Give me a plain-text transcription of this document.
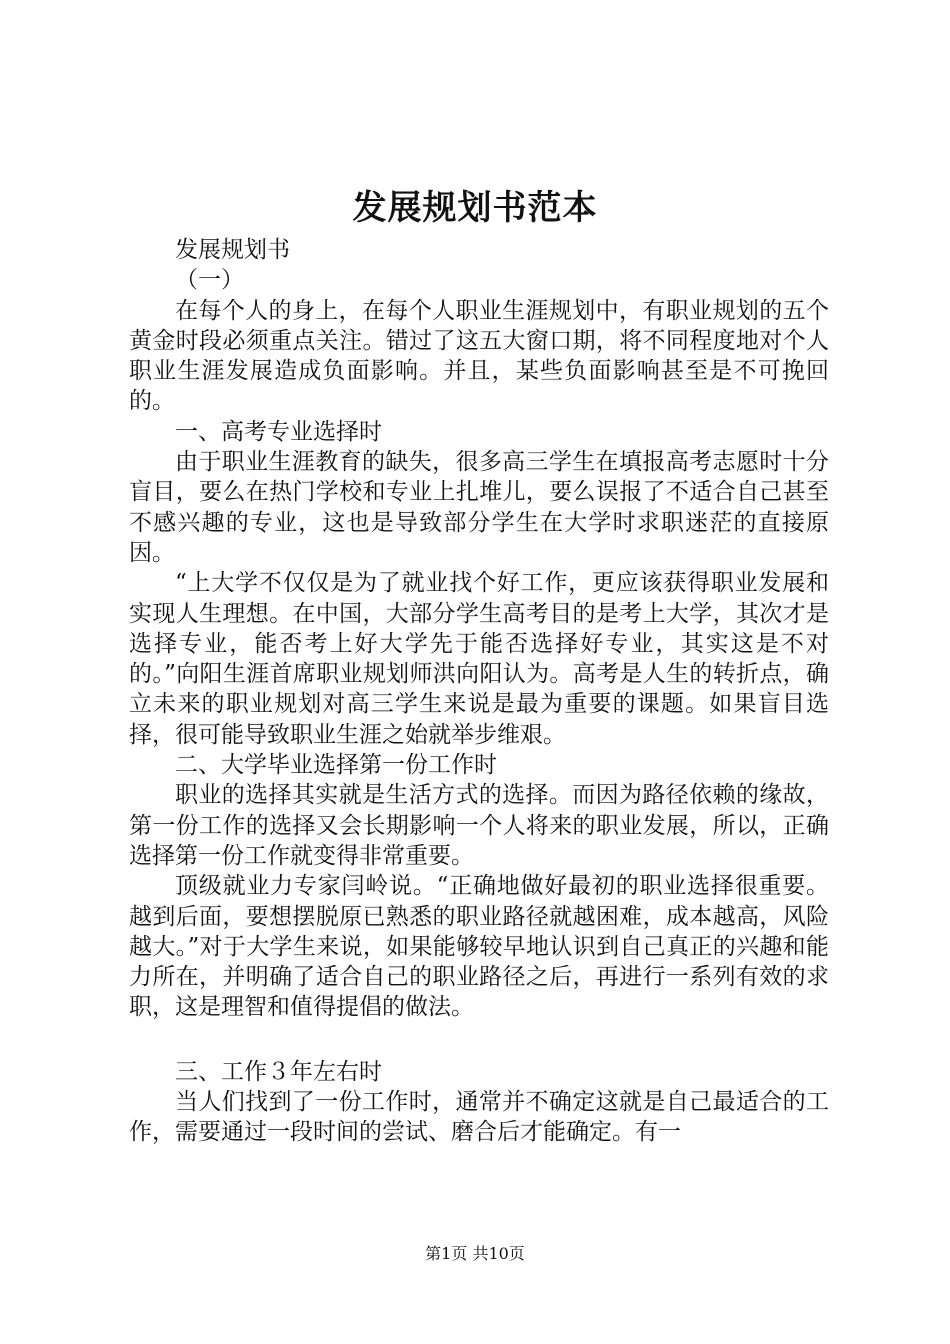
发展规划书范本

发展规划书

（一）

在每个人的身上，在每个人职业生涯规划中，有职业规划的五个黄金时段必须重点关注。错过了这五大窗口期，将不同程度地对个人职业生涯发展造成负面影响。并且，某些负面影响甚至是不可挽回的。

一、高考专业选择时

由于职业生涯教育的缺失，很多高三学生在填报高考志愿时十分盲目，要么在热门学校和专业上扎堆儿，要么误报了不适合自己甚至不感兴趣的专业，这也是导致部分学生在大学时求职迷茫的直接原因。

“上大学不仅仅是为了就业找个好工作，更应该获得职业发展和实现人生理想。在中国，大部分学生高考目的是考上大学，其次才是选择专业，能否考上好大学先于能否选择好专业，其实这是不对的。”向阳生涯首席职业规划师洪向阳认为。高考是人生的转折点，确立未来的职业规划对高三学生来说是最为重要的课题。如果盲目选择，很可能导致职业生涯之始就举步维艰。

二、大学毕业选择第一份工作时

职业的选择其实就是生活方式的选择。而因为路径依赖的缘故，第一份工作的选择又会长期影响一个人将来的职业发展，所以，正确选择第一份工作就变得非常重要。

顶级就业力专家闫岭说。“正确地做好最初的职业选择很重要。越到后面，要想摆脱原已熟悉的职业路径就越困难，成本越高，风险越大。”对于大学生来说，如果能够较早地认识到自己真正的兴趣和能力所在，并明确了适合自己的职业路径之后，再进行一系列有效的求职，这是理智和值得提倡的做法。

三、工作３年左右时

当人们找到了一份工作时，通常并不确定这就是自己最适合的工作，需要通过一段时间的尝试、磨合后才能确定。有一

第1页 共10页
